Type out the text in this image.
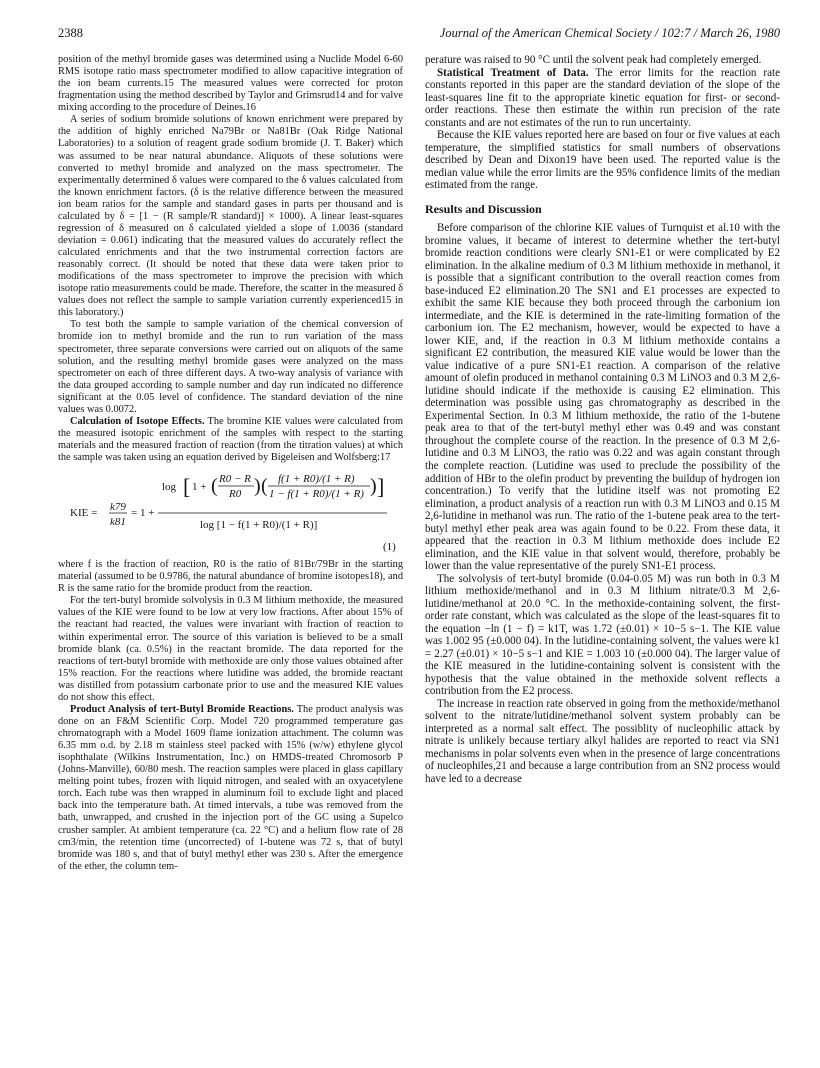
2388	Journal of the American Chemical Society / 102:7 / March 26, 1980

position of the methyl bromide gases was determined using a Nuclide Model 6-60 RMS isotope ratio mass spectrometer modified to allow capacitive integration of the ion beam currents.15 The measured values were corrected for proton fragmentation using the method described by Taylor and Grimsrud14 and for valve mixing according to the procedure of Deines.16

A series of sodium bromide solutions of known enrichment were prepared by the addition of highly enriched Na79Br or Na81Br (Oak Ridge National Laboratories) to a solution of reagent grade sodium bromide (J. T. Baker) which was assumed to be near natural abundance. Aliquots of these solutions were converted to methyl bromide and analyzed on the mass spectrometer. The experimentally determined δ values were compared to the δ values calculated from the known enrichment factors. (δ is the relative difference between the measured ion beam ratios for the sample and standard gases in parts per thousand and is calculated by δ = [1 − (R sample/R standard)] × 1000). A linear least-squares regression of δ measured on δ calculated yielded a slope of 1.0036 (standard deviation = 0.061) indicating that the measured values do accurately reflect the calculated enrichments and that the two instrumental correction factors are reasonably correct. (It should be noted that these data were taken prior to modifications of the mass spectrometer to improve the precision with which isotope ratio measurements could be made. Therefore, the scatter in the measured δ values does not reflect the sample to sample variation currently experienced15 in this laboratory.)

To test both the sample to sample variation of the chemical conversion of bromide ion to methyl bromide and the run to run variation of the mass spectrometer, three separate conversions were carried out on aliquots of the same solution, and the resulting methyl bromide gases were analyzed on the mass spectrometer on each of three different days. A two-way analysis of variance with the data grouped according to sample number and day run indicated no difference significant at the 0.05 level of confidence. The standard deviation of the nine values was 0.0072.

Calculation of Isotope Effects. The bromine KIE values were calculated from the measured isotopic enrichment of the samples with respect to the starting materials and the measured fraction of reaction (from the titration values) at which the sample was taken using an equation derived by Bigeleisen and Wolfsberg:17

KIE = k79
k81
= 1 +
log [ 1 + ( R0 − R
R0 ) ( f(1 + R0)/(1 + R)
1 − f(1 + R0)/(1 + R) ) ]
log [1 − f(1 + R0)/(1 + R)]
(1)

where f is the fraction of reaction, R0 is the ratio of 81Br/79Br in the starting material (assumed to be 0.9786, the natural abundance of bromine isotopes18), and R is the same ratio for the bromide product from the reaction.

For the tert-butyl bromide solvolysis in 0.3 M lithium methoxide, the measured values of the KIE were found to be low at very low fractions. After about 15% of the reactant had reacted, the values were invariant with fraction of reaction to within experimental error. The source of this variation is believed to be a small bromide blank (ca. 0.5%) in the reactant bromide. The data reported for the reactions of tert-butyl bromide with methoxide are only those values obtained after 15% reaction. For the reactions where lutidine was added, the bromide reactant was distilled from potassium carbonate prior to use and the measured KIE values do not show this effect.

Product Analysis of tert-Butyl Bromide Reactions. The product analysis was done on an F&M Scientific Corp. Model 720 programmed temperature gas chromatograph with a Model 1609 flame ionization attachment. The column was 6.35 mm o.d. by 2.18 m stainless steel packed with 15% (w/w) ethylene glycol isophthalate (Wilkins Instrumentation, Inc.) on HMDS-treated Chromosorb P (Johns-Manville), 60/80 mesh. The reaction samples were placed in glass capillary melting point tubes, frozen with liquid nitrogen, and sealed with an oxyacetylene torch. Each tube was then wrapped in aluminum foil to exclude light and placed back into the temperature bath. At timed intervals, a tube was removed from the bath, unwrapped, and crushed in the injection port of the GC using a Supelco crusher sampler. At ambient temperature (ca. 22 °C) and a helium flow rate of 28 cm3/min, the retention time (uncorrected) of 1-butene was 72 s, that of butyl bromide was 180 s, and that of butyl methyl ether was 230 s. After the emergence of the ether, the column tem-

perature was raised to 90 °C until the solvent peak had completely emerged.

Statistical Treatment of Data. The error limits for the reaction rate constants reported in this paper are the standard deviation of the slope of the least-squares line fit to the appropriate kinetic equation for first- or second-order reactions. These then estimate the within run precision of the rate constants and are not estimates of the run to run uncertainty.

Because the KIE values reported here are based on four or five values at each temperature, the simplified statistics for small numbers of observations described by Dean and Dixon19 have been used. The reported value is the median value while the error limits are the 95% confidence limits of the median estimated from the range.

Results and Discussion

Before comparison of the chlorine KIE values of Turnquist et al.10 with the bromine values, it became of interest to determine whether the tert-butyl bromide reaction conditions were clearly SN1-E1 or were complicated by E2 elimination. In the alkaline medium of 0.3 M lithium methoxide in methanol, it is possible that a significant contribution to the overall reaction comes from base-induced E2 elimination.20 The SN1 and E1 processes are expected to exhibit the same KIE because they both proceed through the carbonium ion intermediate, and the KIE is determined in the rate-limiting formation of the carbonium ion. The E2 mechanism, however, would be expected to have a lower KIE, and, if the reaction in 0.3 M lithium methoxide contains a significant E2 contribution, the measured KIE value would be lower than the value indicative of a pure SN1-E1 reaction. A comparison of the relative amount of olefin produced in methanol containing 0.3 M LiNO3 and 0.3 M 2,6-lutidine should indicate if the methoxide is causing E2 elimination. This determination was possible using gas chromatography as described in the Experimental Section. In 0.3 M lithium methoxide, the ratio of the 1-butene peak area to that of the tert-butyl methyl ether was 0.49 and was constant throughout the complete course of the reaction. In the presence of 0.3 M 2,6-lutidine and 0.3 M LiNO3, the ratio was 0.22 and was again constant through the complete reaction. (Lutidine was used to preclude the possibility of the addition of HBr to the olefin product by preventing the buildup of hydrogen ion concentration.) To verify that the lutidine itself was not promoting E2 elimination, a product analysis of a reaction run with 0.3 M LiNO3 and 0.15 M 2,6-lutidine in methanol was run. The ratio of the 1-butene peak area to the tert-butyl methyl ether peak area was again found to be 0.22. From these data, it appeared that the reaction in 0.3 M lithium methoxide does include E2 elimination, and the KIE value in that solvent would, therefore, probably be lower than the value representative of the purely SN1-E1 process.

The solvolysis of tert-butyl bromide (0.04-0.05 M) was run both in 0.3 M lithium methoxide/methanol and in 0.3 M lithium nitrate/0.3 M 2,6-lutidine/methanol at 20.0 °C. In the methoxide-containing solvent, the first-order rate constant, which was calculated as the slope of the least-squares fit to the equation −ln (1 − f) = k1T, was 1.72 (±0.01) × 10−5 s−1. The KIE value was 1.002 95 (±0.000 04). In the lutidine-containing solvent, the values were k1 = 2.27 (±0.01) × 10−5 s−1 and KIE = 1.003 10 (±0.000 04). The larger value of the KIE measured in the lutidine-containing solvent is consistent with the hypothesis that the value obtained in the methoxide solvent reflects a contribution from the E2 process.

The increase in reaction rate observed in going from the methoxide/methanol solvent to the nitrate/lutidine/methanol solvent system probably can be interpreted as a normal salt effect. The possiblity of nucleophilic attack by nitrate is unlikely because tertiary alkyl halides are reported to react via SN1 mechanisms in polar solvents even when in the presence of large concentrations of nucleophiles,21 and because a large contribution from an SN2 process would have led to a decrease
